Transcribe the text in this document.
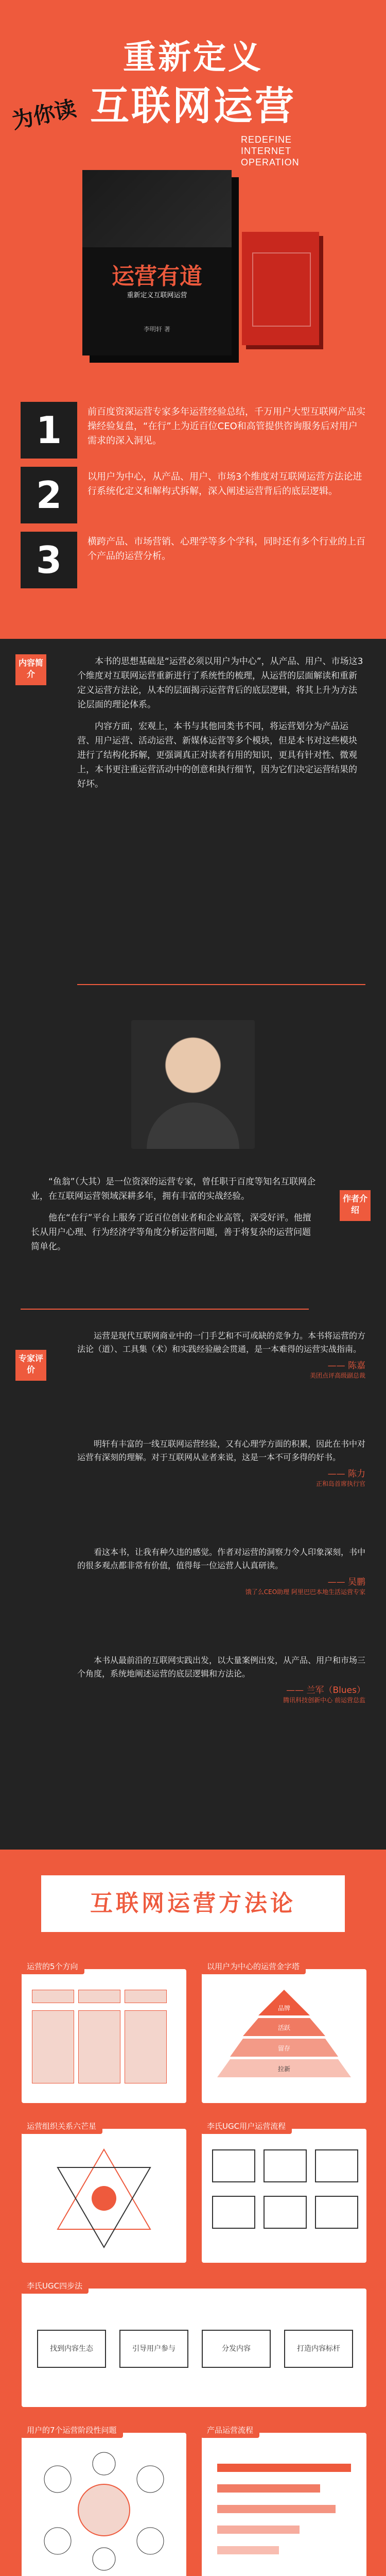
重新定义
互联网运营
REDEFINE
INTERNET
OPERATION
为你读
运营有道
重新定义互联网运营
李明轩 著
1	前百度资深运营专家多年运营经验总结，千万用户大型互联网产品实操经验复盘，“在行”上为近百位CEO和高管提供咨询服务后对用户需求的深入洞见。
2	以用户为中心，从产品、用户、市场3个维度对互联网运营方法论进行系统化定义和解构式拆解，深入阐述运营背后的底层逻辑。
3	横跨产品、市场营销、心理学等多个学科，同时还有多个行业的上百个产品的运营分析。
内容简介

本书的思想基础是“运营必须以用户为中心”，从产品、用户、市场这3个维度对互联网运营重新进行了系统性的梳理，从运营的层面解读和重新定义运营方法论，从本的层面揭示运营背后的底层逻辑，将其上升为方法论层面的理论体系。

内容方面，宏观上，本书与其他同类书不同，将运营划分为产品运营、用户运营、活动运营、新媒体运营等多个模块，但是本书对这些模块进行了结构化拆解，更强调真正对读者有用的知识，更具有针对性、微观上，本书更注重运营活动中的创意和执行细节，因为它们决定运营结果的好坏。

作者介绍

“鱼翁”（大其）是一位资深的运营专家，曾任职于百度等知名互联网企业，在互联网运营领域深耕多年，拥有丰富的实战经验。

他在“在行”平台上服务了近百位创业者和企业高管，深受好评。他擅长从用户心理、行为经济学等角度分析运营问题，善于将复杂的运营问题简单化。

专家评价
运营是现代互联网商业中的一门手艺和不可或缺的竞争力。本书将运营的方法论（道）、工具集（术）和实践经验融会贯通，是一本难得的运营实战指南。
—— 陈嘉
美团点评高级副总裁
明轩有丰富的一线互联网运营经验，又有心理学方面的积累，因此在书中对运营有深刻的理解。对于互联网从业者来说，这是一本不可多得的好书。
—— 陈力
正和岛首席执行官
看这本书，让我有种久违的感觉。作者对运营的洞察力令人印象深刻，书中的很多观点都非常有价值，值得每一位运营人认真研读。
—— 吴鹏
饿了么CEO助理 阿里巴巴本地生活运营专家
本书从最前沿的互联网实践出发，以大量案例出发，从产品、用户和市场三个角度，系统地阐述运营的底层逻辑和方法论。
—— 兰军（Blues）
腾讯科技创新中心 前运营总监
互联网运营方法论
运营的5个方向	以用户为中心的运营金字塔
品牌
活跃
留存
拉新
运营组织关系六芒星	李氏UGC用户运营流程
李氏UGC四步法
找到内容生态	引导用户参与	分发内容	打造内容标杆
用户的7个运营阶段性问题	产品运营流程
